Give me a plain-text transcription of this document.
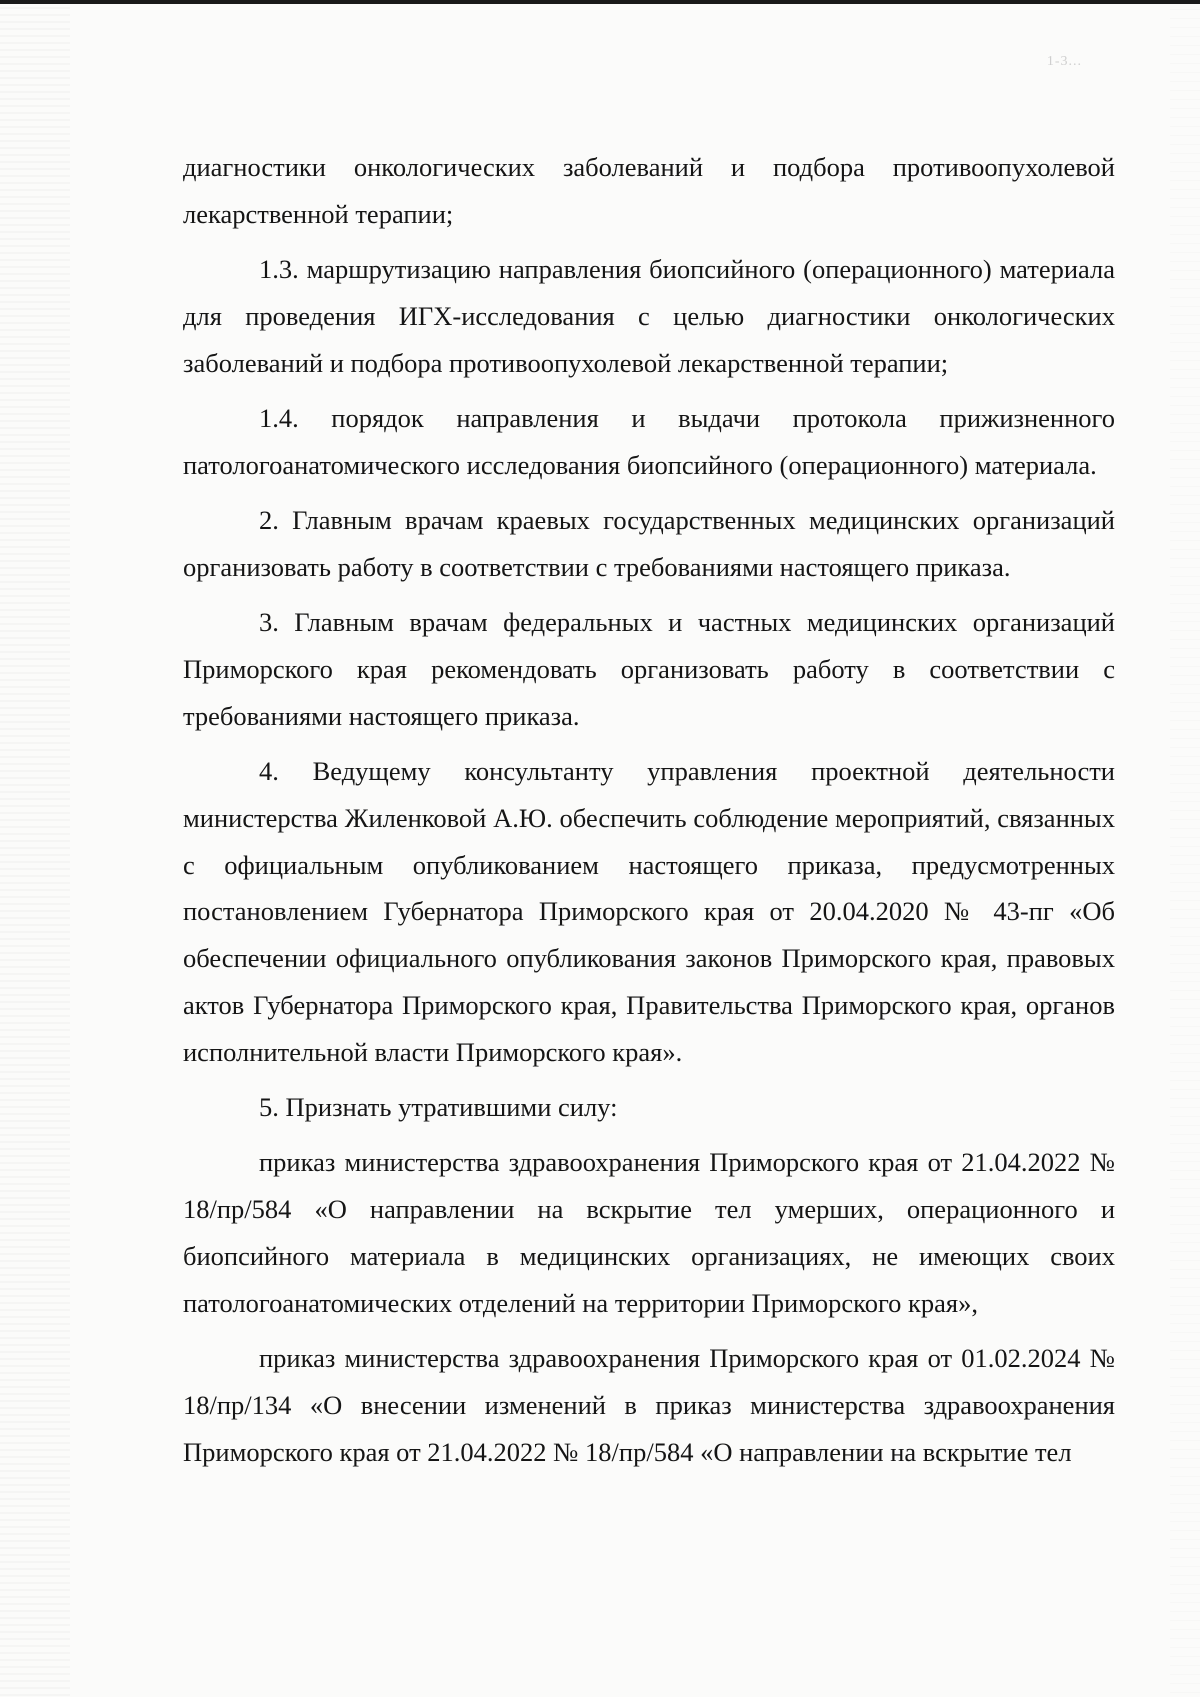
1-3...

диагностики онкологических заболеваний и подбора противоопухолевой лекарственной терапии;

1.3. маршрутизацию направления биопсийного (операционного) материала для проведения ИГХ-исследования с целью диагностики онкологических заболеваний и подбора противоопухолевой лекарственной терапии;

1.4. порядок направления и выдачи протокола прижизненного патологоанатомического исследования биопсийного (операционного) материала.

2. Главным врачам краевых государственных медицинских организаций организовать работу в соответствии с требованиями настоящего приказа.

3. Главным врачам федеральных и частных медицинских организаций Приморского края рекомендовать организовать работу в соответствии с требованиями настоящего приказа.

4. Ведущему консультанту управления проектной деятельности министерства Жиленковой А.Ю. обеспечить соблюдение мероприятий, связанных с официальным опубликованием настоящего приказа, предусмотренных постановлением Губернатора Приморского края от 20.04.2020 № 43-пг «Об обеспечении официального опубликования законов Приморского края, правовых актов Губернатора Приморского края, Правительства Приморского края, органов исполнительной власти Приморского края».

5. Признать утратившими силу:

приказ министерства здравоохранения Приморского края от 21.04.2022 № 18/пр/584 «О направлении на вскрытие тел умерших, операционного и биопсийного материала в медицинских организациях, не имеющих своих патологоанатомических отделений на территории Приморского края»,

приказ министерства здравоохранения Приморского края от 01.02.2024 № 18/пр/134 «О внесении изменений в приказ министерства здравоохранения Приморского края от 21.04.2022 № 18/пр/584 «О направлении на вскрытие тел
